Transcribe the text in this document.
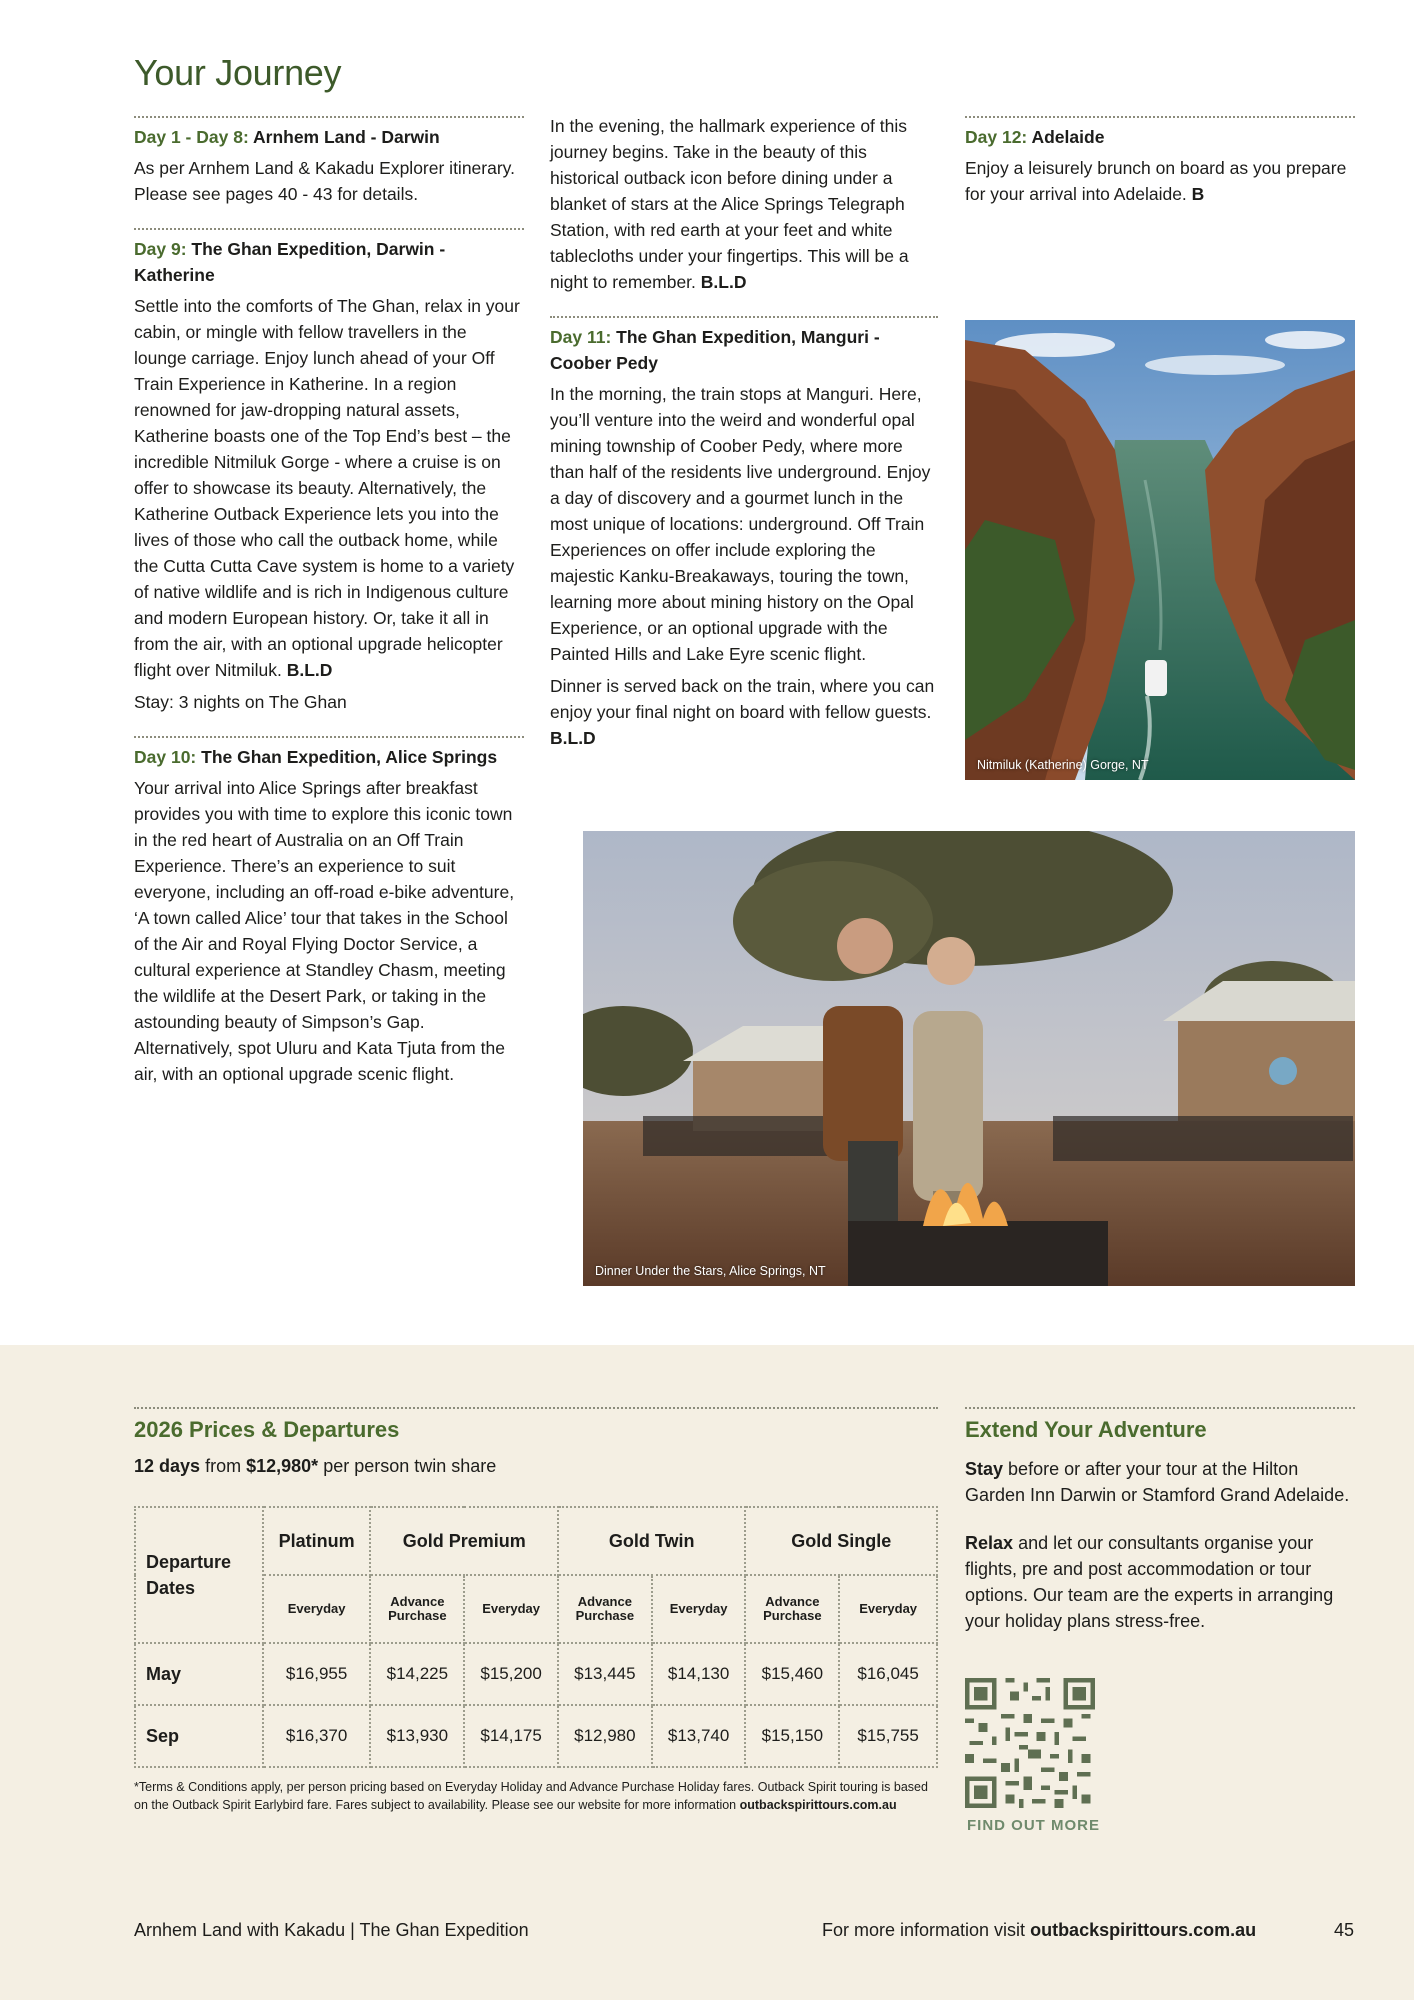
Your Journey
Day 1 - Day 8: Arnhem Land - Darwin

As per Arnhem Land & Kakadu Explorer itinerary. Please see pages 40 - 43 for details.

Day 9: The Ghan Expedition, Darwin - Katherine

Settle into the comforts of The Ghan, relax in your cabin, or mingle with fellow travellers in the lounge carriage. Enjoy lunch ahead of your Off Train Experience in Katherine. In a region renowned for jaw-dropping natural assets, Katherine boasts one of the Top End’s best – the incredible Nitmiluk Gorge - where a cruise is on offer to showcase its beauty. Alternatively, the Katherine Outback Experience lets you into the lives of those who call the outback home, while the Cutta Cutta Cave system is home to a variety of native wildlife and is rich in Indigenous culture and modern European history. Or, take it all in from the air, with an optional upgrade helicopter flight over Nitmiluk. B.L.D

Stay: 3 nights on The Ghan

Day 10: The Ghan Expedition, Alice Springs

Your arrival into Alice Springs after breakfast provides you with time to explore this iconic town in the red heart of Australia on an Off Train Experience. There’s an experience to suit everyone, including an off-road e-bike adventure, ‘A town called Alice’ tour that takes in the School of the Air and Royal Flying Doctor Service, a cultural experience at Standley Chasm, meeting the wildlife at the Desert Park, or taking in the astounding beauty of Simpson’s Gap. Alternatively, spot Uluru and Kata Tjuta from the air, with an optional upgrade scenic flight.

In the evening, the hallmark experience of this journey begins. Take in the beauty of this historical outback icon before dining under a blanket of stars at the Alice Springs Telegraph Station, with red earth at your feet and white tablecloths under your fingertips. This will be a night to remember. B.L.D

Day 11: The Ghan Expedition, Manguri - Coober Pedy

In the morning, the train stops at Manguri. Here, you’ll venture into the weird and wonderful opal mining township of Coober Pedy, where more than half of the residents live underground. Enjoy a day of discovery and a gourmet lunch in the most unique of locations: underground. Off Train Experiences on offer include exploring the majestic Kanku-Breakaways, touring the town, learning more about mining history on the Opal Experience, or an optional upgrade with the Painted Hills and Lake Eyre scenic flight.

Dinner is served back on the train, where you can enjoy your final night on board with fellow guests. B.L.D

Day 12: Adelaide

Enjoy a leisurely brunch on board as you prepare for your arrival into Adelaide. B

Nitmiluk (Katherine) Gorge, NT
Dinner Under the Stars, Alice Springs, NT
2026 Prices & Departures

12 days from $12,980* per person twin share

Departure Dates	Platinum	Gold Premium		Gold Twin		Gold Single	
	Everyday	Advance Purchase	Everyday	Advance Purchase	Everyday	Advance Purchase	Everyday
May	$16,955	$14,225	$15,200	$13,445	$14,130	$15,460	$16,045
Sep	$16,370	$13,930	$14,175	$12,980	$13,740	$15,150	$15,755

*Terms & Conditions apply, per person pricing based on Everyday Holiday and Advance Purchase Holiday fares. Outback Spirit touring is based on the Outback Spirit Earlybird fare. Fares subject to availability. Please see our website for more information outbackspirittours.com.au

Extend Your Adventure

Stay before or after your tour at the Hilton Garden Inn Darwin or Stamford Grand Adelaide.

Relax and let our consultants organise your flights, pre and post accommodation or tour options. Our team are the experts in arranging your holiday plans stress-free.

FIND OUT MORE
Arnhem Land with Kakadu | The Ghan Expedition	For more information visit outbackspirittours.com.au	45
